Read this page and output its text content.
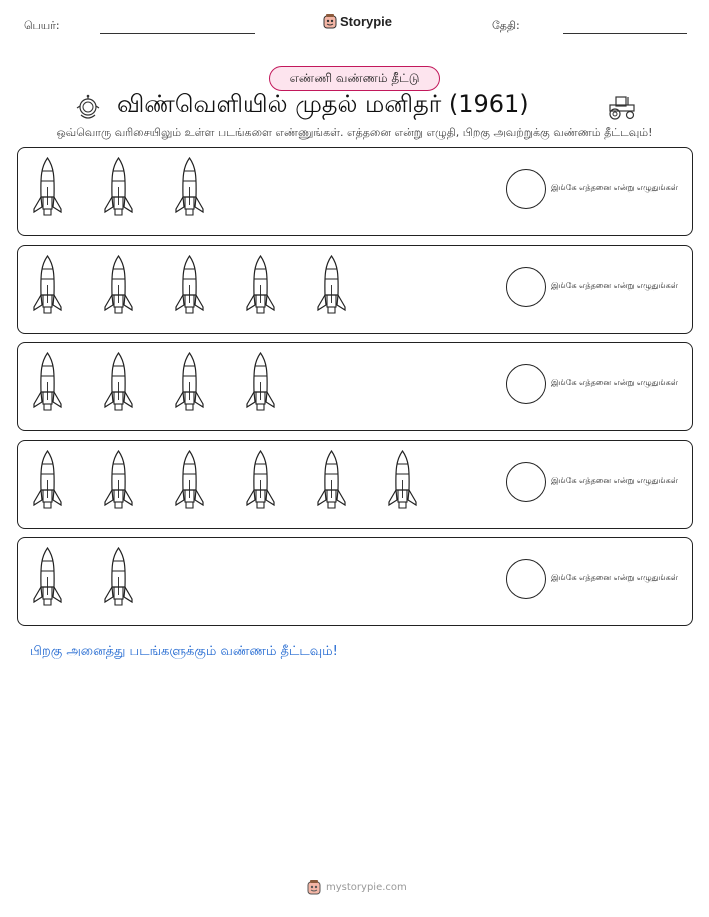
பெயர்:	Storypie	தேதி:
எண்ணி வண்ணம் தீட்டு
விண்வெளியில் முதல் மனிதர் (1961)
ஒவ்வொரு வரிசையிலும் உள்ள படங்களை எண்ணுங்கள். எத்தனை என்று எழுதி, பிறகு அவற்றுக்கு வண்ணம் தீட்டவும்!
இங்கே எத்தனை என்று எழுதுங்கள்
இங்கே எத்தனை என்று எழுதுங்கள்
இங்கே எத்தனை என்று எழுதுங்கள்
இங்கே எத்தனை என்று எழுதுங்கள்
இங்கே எத்தனை என்று எழுதுங்கள்
பிறகு அனைத்து படங்களுக்கும் வண்ணம் தீட்டவும்!
mystorypie.com
